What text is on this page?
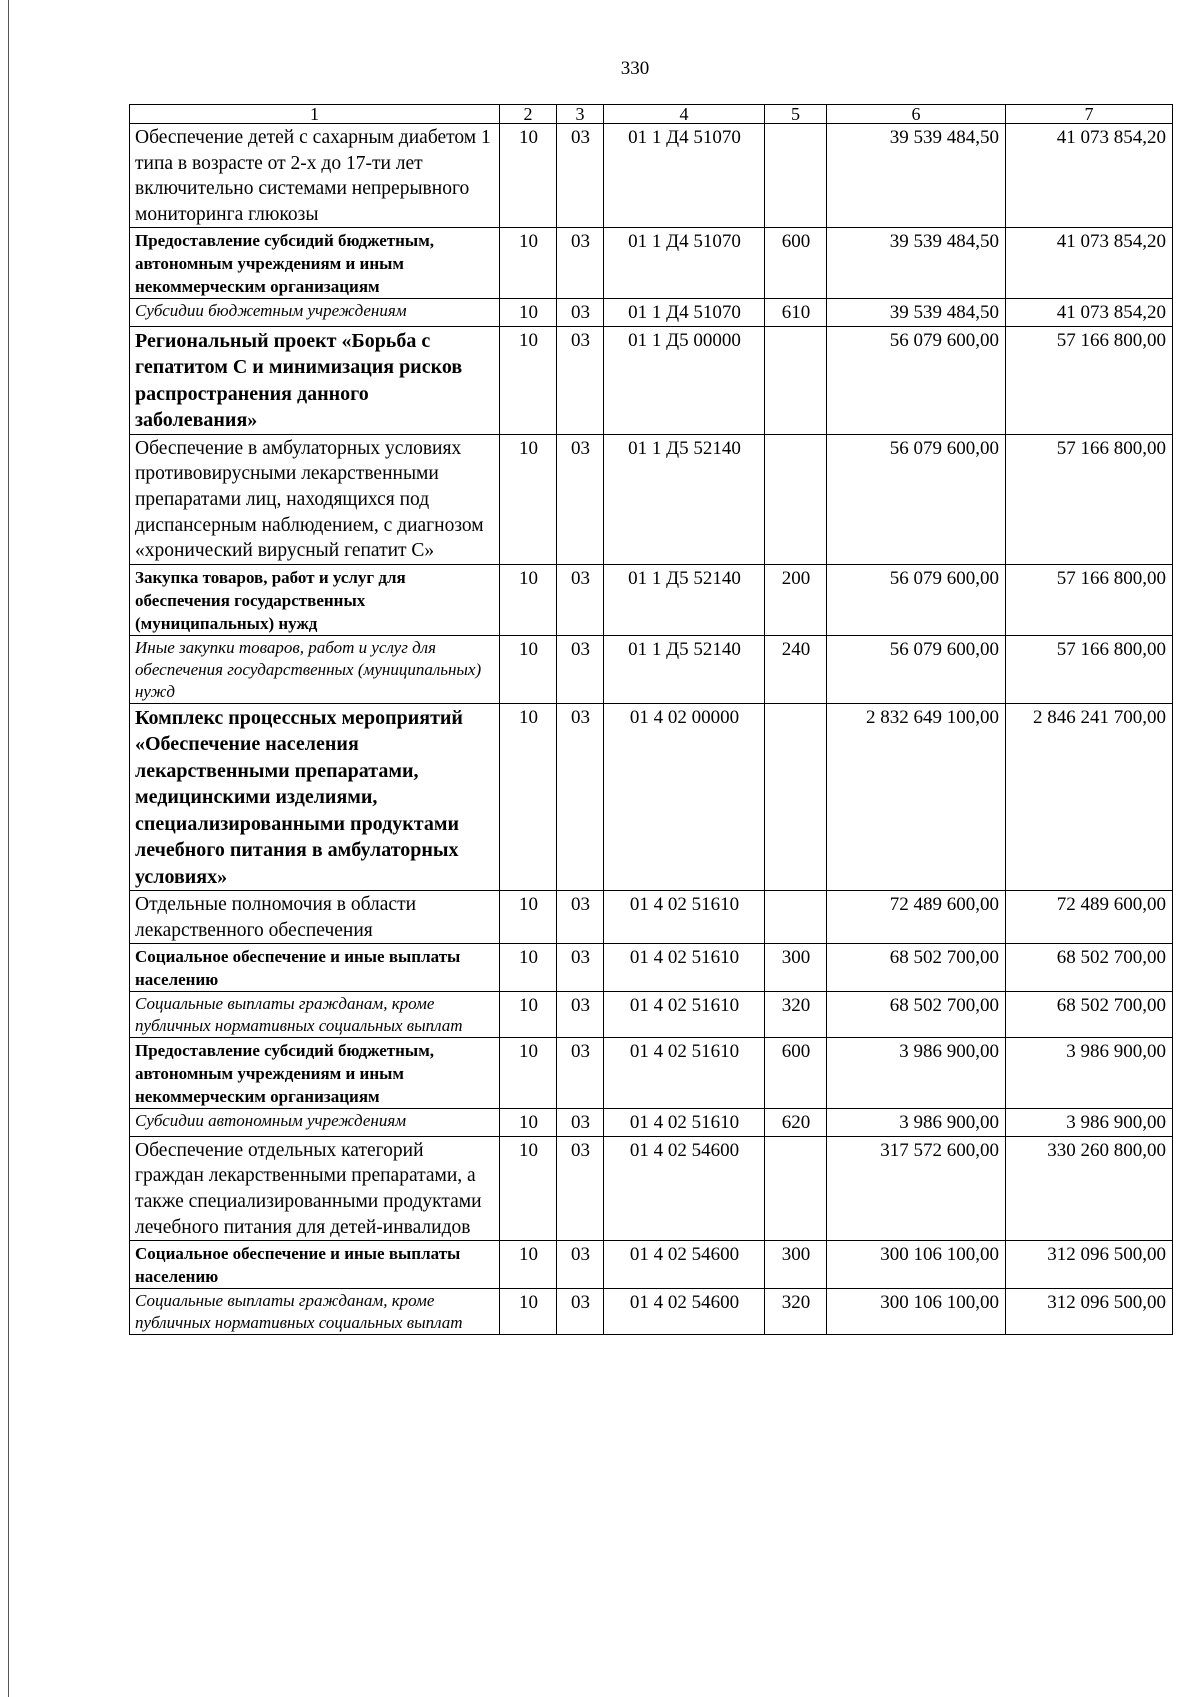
330
1	2	3	4	5	6	7
Обеспечение детей с сахарным диабетом 1 типа в возрасте от 2-х до 17-ти лет включительно системами непрерывного мониторинга глюкозы	10	03	01 1 Д4 51070		39 539 484,50	41 073 854,20
Предоставление субсидий бюджетным, автономным учреждениям и иным некоммерческим организациям	10	03	01 1 Д4 51070	600	39 539 484,50	41 073 854,20
Субсидии бюджетным учреждениям	10	03	01 1 Д4 51070	610	39 539 484,50	41 073 854,20
Региональный проект «Борьба с гепатитом С и минимизация рисков распространения данного заболевания»	10	03	01 1 Д5 00000		56 079 600,00	57 166 800,00
Обеспечение в амбулаторных условиях противовирусными лекарственными препаратами лиц, находящихся под диспансерным наблюдением, с диагнозом «хронический вирусный гепатит С»	10	03	01 1 Д5 52140		56 079 600,00	57 166 800,00
Закупка товаров, работ и услуг для обеспечения государственных (муниципальных) нужд	10	03	01 1 Д5 52140	200	56 079 600,00	57 166 800,00
Иные закупки товаров, работ и услуг для обеспечения государственных (муниципальных) нужд	10	03	01 1 Д5 52140	240	56 079 600,00	57 166 800,00
Комплекс процессных мероприятий «Обеспечение населения лекарственными препаратами, медицинскими изделиями, специализированными продуктами лечебного питания в амбулаторных условиях»	10	03	01 4 02 00000		2 832 649 100,00	2 846 241 700,00
Отдельные полномочия в области лекарственного обеспечения	10	03	01 4 02 51610		72 489 600,00	72 489 600,00
Социальное обеспечение и иные выплаты населению	10	03	01 4 02 51610	300	68 502 700,00	68 502 700,00
Социальные выплаты гражданам, кроме публичных нормативных социальных выплат	10	03	01 4 02 51610	320	68 502 700,00	68 502 700,00
Предоставление субсидий бюджетным, автономным учреждениям и иным некоммерческим организациям	10	03	01 4 02 51610	600	3 986 900,00	3 986 900,00
Субсидии автономным учреждениям	10	03	01 4 02 51610	620	3 986 900,00	3 986 900,00
Обеспечение отдельных категорий граждан лекарственными препаратами, а также специализированными продуктами лечебного питания для детей-инвалидов	10	03	01 4 02 54600		317 572 600,00	330 260 800,00
Социальное обеспечение и иные выплаты населению	10	03	01 4 02 54600	300	300 106 100,00	312 096 500,00
Социальные выплаты гражданам, кроме публичных нормативных социальных выплат	10	03	01 4 02 54600	320	300 106 100,00	312 096 500,00
